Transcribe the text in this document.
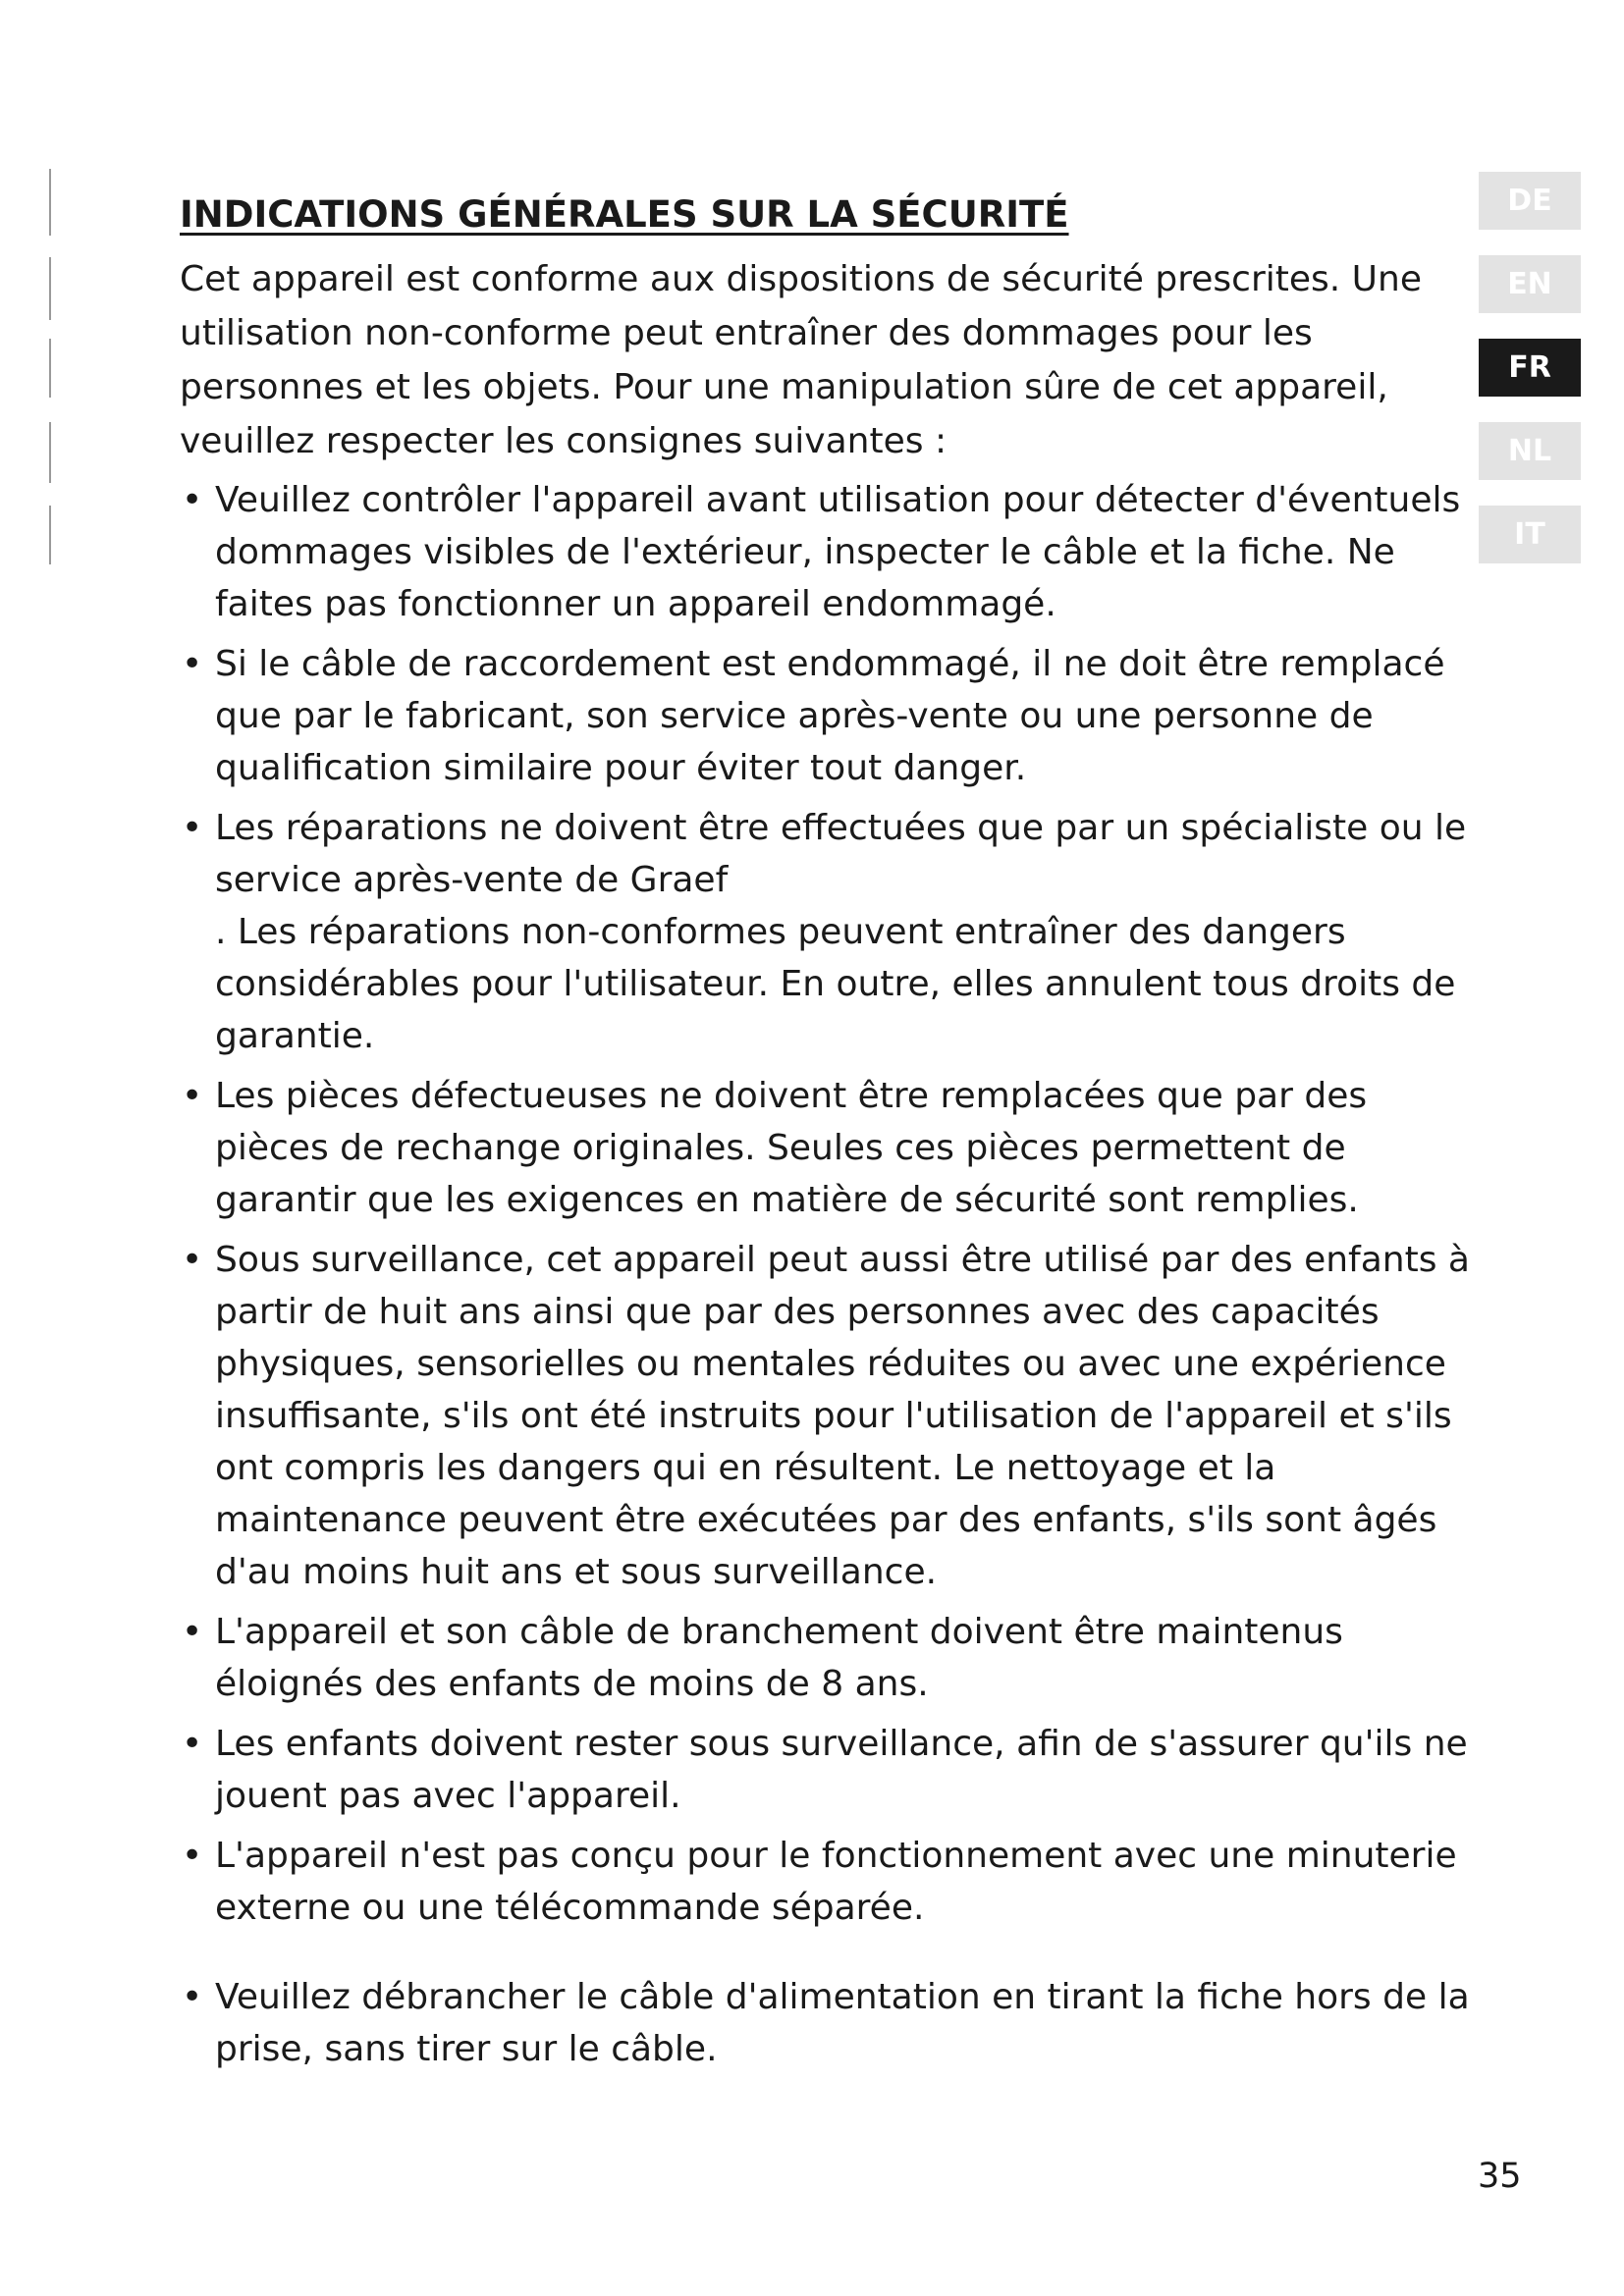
DE
EN
FR
NL
IT
INDICATIONS GÉNÉRALES SUR LA SÉCURITÉ

Cet appareil est conforme aux dispositions de sécurité prescrites. Une utilisation non-conforme peut entraîner des dommages pour les personnes et les objets. Pour une manipulation sûre de cet appareil, veuillez respecter les consignes suivantes :

• Veuillez contrôler l'appareil avant utilisation pour détecter d'éventuels dommages visibles de l'extérieur, inspecter le câble et la fiche. Ne faites pas fonctionner un appareil endommagé.
• Si le câble de raccordement est endommagé, il ne doit être remplacé que par le fabricant, son service après-vente ou une personne de qualification similaire pour éviter tout danger.
• Les réparations ne doivent être effectuées que par un spécialiste ou le service après-vente de Graef
. Les réparations non-conformes peuvent entraîner des dangers considérables pour l'utilisateur. En outre, elles annulent tous droits de garantie.
• Les pièces défectueuses ne doivent être remplacées que par des pièces de rechange originales. Seules ces pièces permettent de garantir que les exigences en matière de sécurité sont remplies.
• Sous surveillance, cet appareil peut aussi être utilisé par des enfants à partir de huit ans ainsi que par des personnes avec des capacités physiques, sensorielles ou mentales réduites ou avec une expérience insuffisante, s'ils ont été instruits pour l'utilisation de l'appareil et s'ils ont compris les dangers qui en résultent. Le nettoyage et la maintenance peuvent être exécutées par des enfants, s'ils sont âgés d'au moins huit ans et sous surveillance.
• L'appareil et son câble de branchement doivent être maintenus éloignés des enfants de moins de 8 ans.
• Les enfants doivent rester sous surveillance, afin de s'assurer qu'ils ne jouent pas avec l'appareil.
• L'appareil n'est pas conçu pour le fonctionnement avec une minuterie externe ou une télécommande séparée.
• Veuillez débrancher le câble d'alimentation en tirant la fiche hors de la prise, sans tirer sur le câble.
35
